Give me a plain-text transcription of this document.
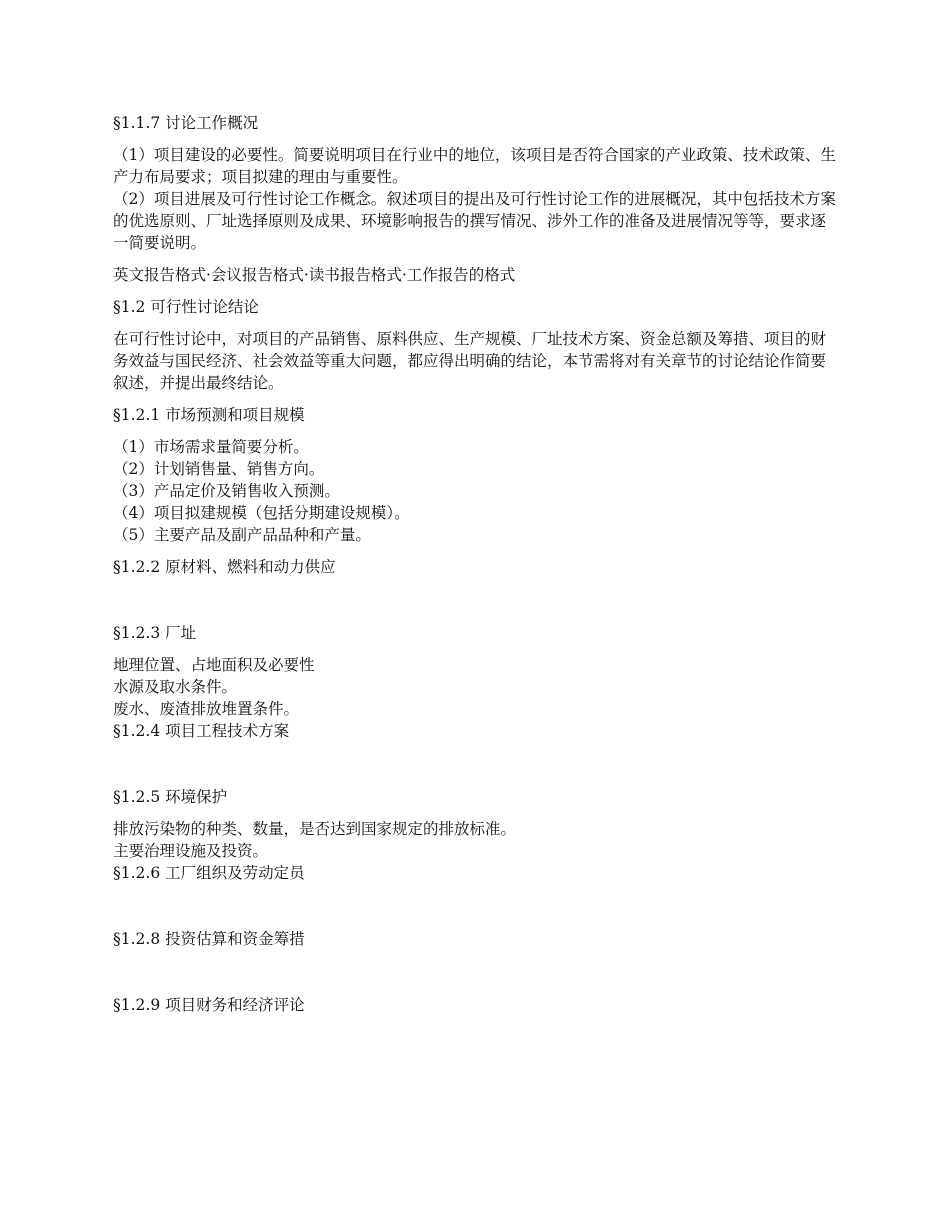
§1.1.7 讨论工作概况

（1）项目建设的必要性。简要说明项目在行业中的地位，该项目是否符合国家的产业政策、技术政策、生产力布局要求；项目拟建的理由与重要性。
（2）项目进展及可行性讨论工作概念。叙述项目的提出及可行性讨论工作的进展概况，其中包括技术方案的优选原则、厂址选择原则及成果、环境影响报告的撰写情况、涉外工作的准备及进展情况等等，要求逐一简要说明。

英文报告格式·会议报告格式·读书报告格式·工作报告的格式

§1.2 可行性讨论结论

在可行性讨论中，对项目的产品销售、原料供应、生产规模、厂址技术方案、资金总额及筹措、项目的财务效益与国民经济、社会效益等重大问题，都应得出明确的结论，本节需将对有关章节的讨论结论作简要叙述，并提出最终结论。

§1.2.1 市场预测和项目规模

（1）市场需求量简要分析。
（2）计划销售量、销售方向。
（3）产品定价及销售收入预测。
（4）项目拟建规模（包括分期建设规模）。
（5）主要产品及副产品品种和产量。

§1.2.2 原材料、燃料和动力供应

§1.2.3 厂址

地理位置、占地面积及必要性
水源及取水条件。
废水、废渣排放堆置条件。
§1.2.4 项目工程技术方案

§1.2.5 环境保护

排放污染物的种类、数量，是否达到国家规定的排放标准。
主要治理设施及投资。
§1.2.6 工厂组织及劳动定员

§1.2.8 投资估算和资金筹措

§1.2.9 项目财务和经济评论
